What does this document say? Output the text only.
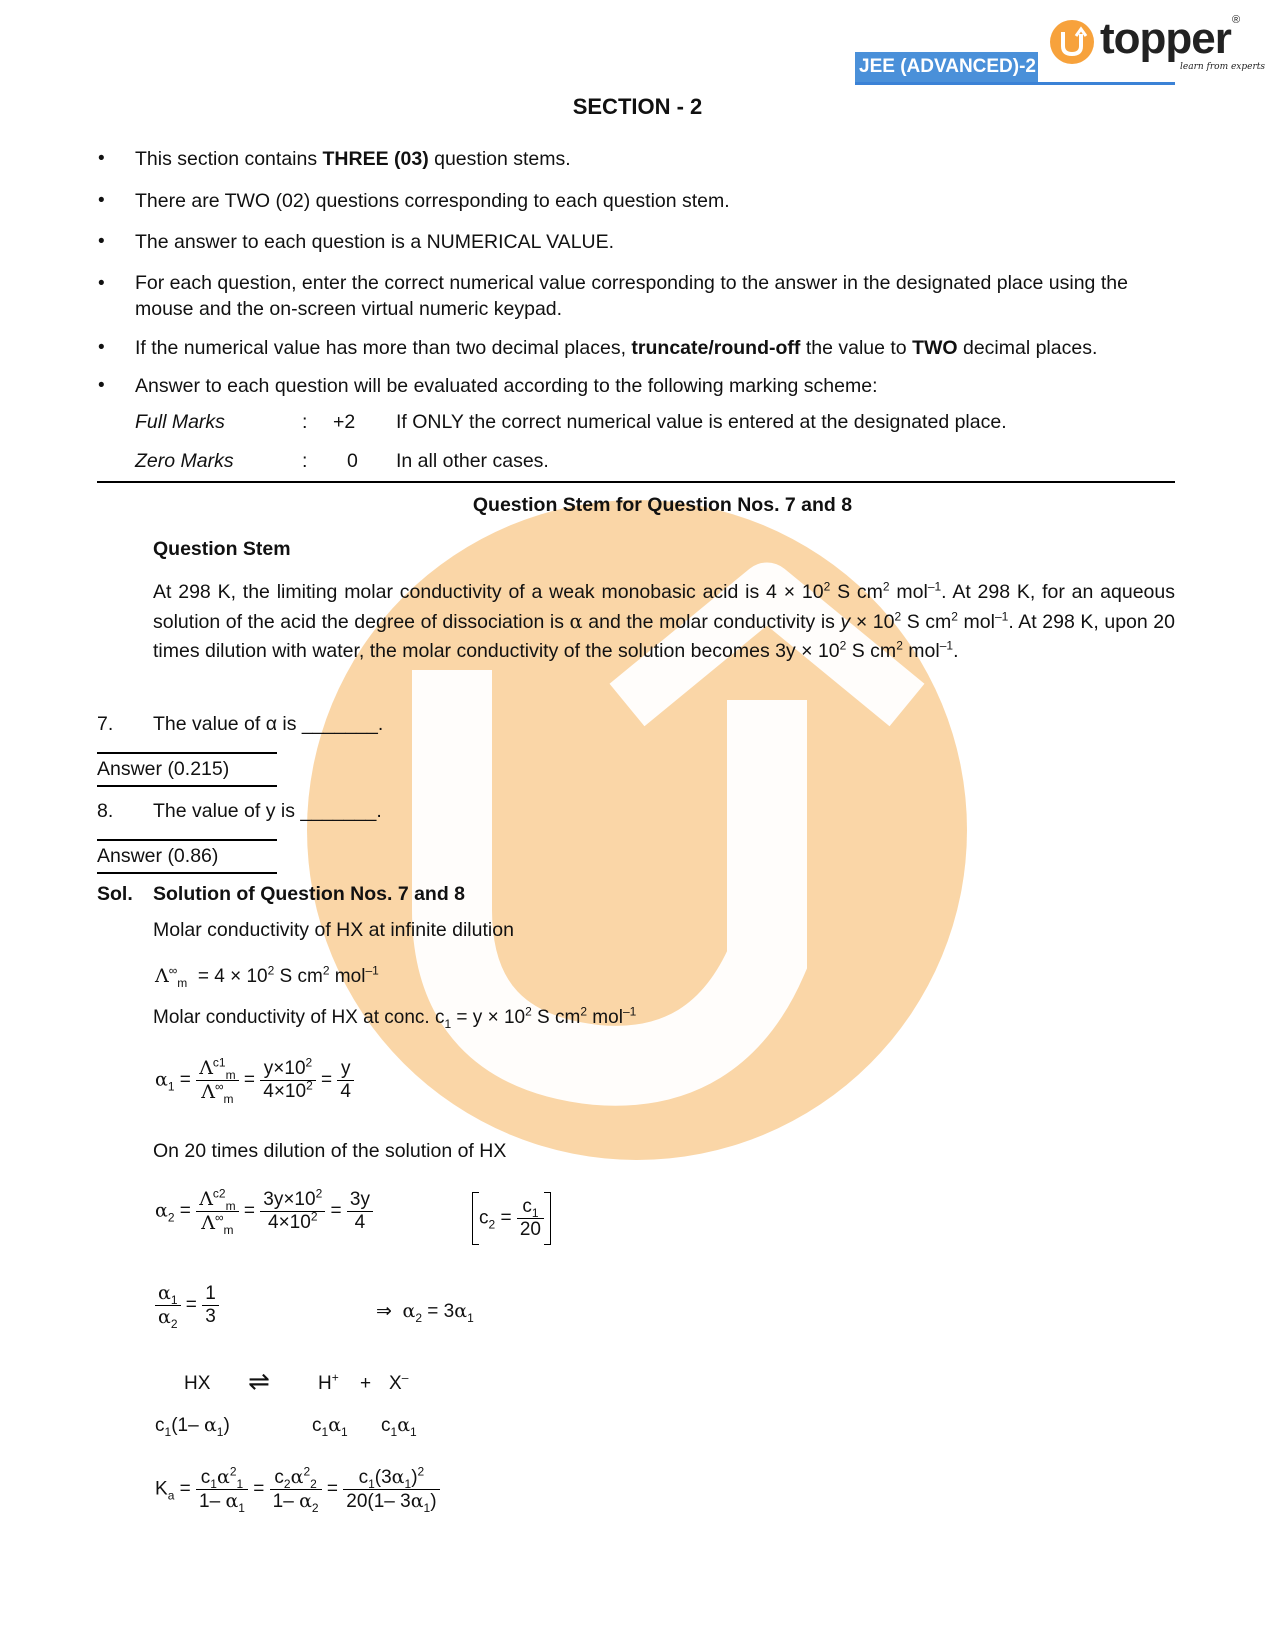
JEE (ADVANCED)-2
topper ®
learn from experts
SECTION - 2
• This section contains THREE (03) question stems.
• There are TWO (02) questions corresponding to each question stem.
• The answer to each question is a NUMERICAL VALUE.
• For each question, enter the correct numerical value corresponding to the answer in the designated place using the mouse and the on-screen virtual numeric keypad.
• If the numerical value has more than two decimal places, truncate/round-off the value to TWO decimal places.
• Answer to each question will be evaluated according to the following marking scheme:
Full Marks	: +2 If ONLY the correct numerical value is entered at the designated place.
Zero Marks	: 0 In all other cases.
Question Stem for Question Nos. 7 and 8
Question Stem
At 298 K, the limiting molar conductivity of a weak monobasic acid is $4 \times 10^2$ S $cm^2$ mol$^{-1}$. At 298 K, for an aqueous solution of the acid the degree of dissociation is α and the molar conductivity is $y \times 10^2$ S $cm^2$ mol$^{-1}$. At 298 K, upon 20 times dilution with water, the molar conductivity of the solution becomes $3y \times 10^2$ S $cm^2$ mol$^{-1}$.
7. The value of α is _______.
Answer (0.215)
8. The value of y is _______.
Answer (0.86)
Sol. Solution of Question Nos. 7 and 8
Molar conductivity of HX at infinite dilution
$\Lambda^\infty_m = 4 \times 10^2$ S $cm^2$ mol$^{-1}$
Molar conductivity of HX at conc. $c_1 = y \times 10^2$ S $cm^2$ mol$^{-1}$
$\alpha_1 = \frac{\Lambda^{c1}_m}{\Lambda^\infty_m} = \frac{y\times 10^2}{4\times 10^2} = \frac{y}{4}$
On 20 times dilution of the solution of HX
$\alpha_2 = \frac{\Lambda^{c2}_m}{\Lambda^\infty_m} = \frac{3y\times 10^2}{4\times 10^2} = \frac{3y}{4}$	$c_2 = \frac{c_1}{20}$
$\frac{\alpha_1}{\alpha_2} = \frac{1}{3}$	⇒ $\alpha_2 = 3\alpha_1$
HX ⇌	H+ + X–
$c_1(1-$ $\alpha_1$)	$c_1\alpha_1$ $c_1\alpha_1$
$K_a = \frac{c_1\alpha^2_1}{1- \alpha_1} = \frac{c_2\alpha^2_2}{1- \alpha_2} = \frac{c_1(3\alpha_1)^2}{20(1- 3\alpha_1)}$
